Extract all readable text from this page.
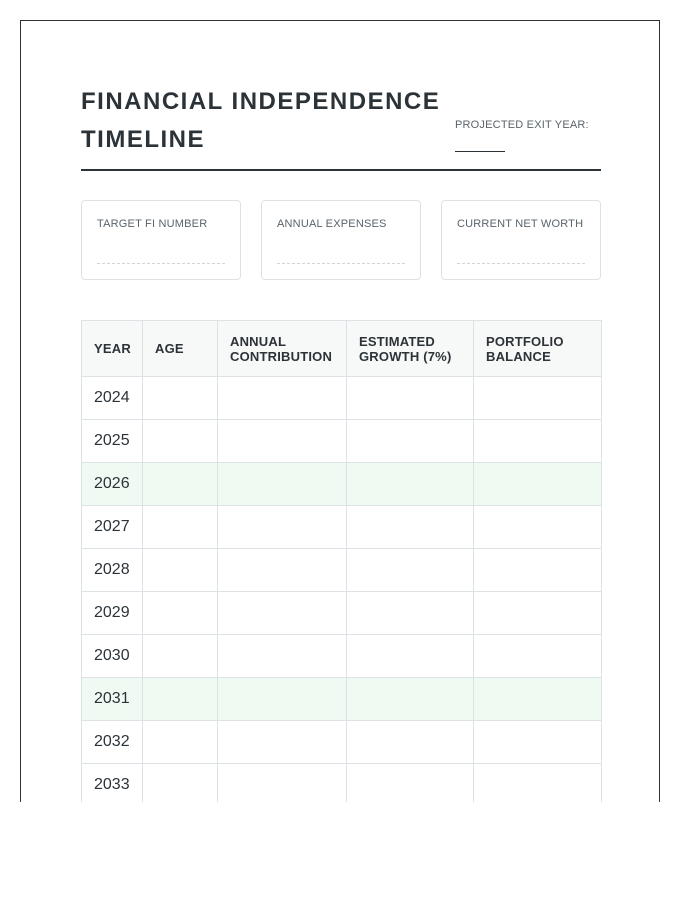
FINANCIAL INDEPENDENCE TIMELINE
PROJECTED EXIT YEAR:
TARGET FI NUMBER	ANNUAL EXPENSES	CURRENT NET WORTH
YEAR	AGE	ANNUAL CONTRIBUTION	ESTIMATED GROWTH (7%)	PORTFOLIO BALANCE
2024				
2025				
2026				
2027				
2028				
2029				
2030				
2031				
2032				
2033				
